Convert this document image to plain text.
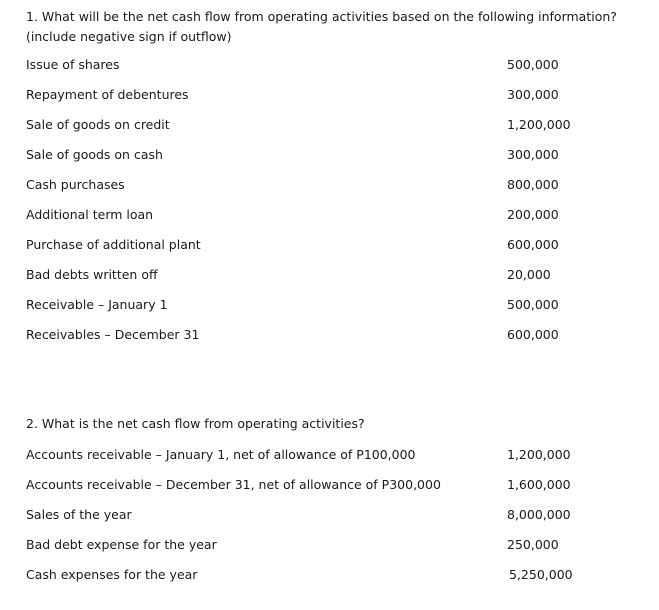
1. What will be the net cash flow from operating activities based on the following information? (include negative sign if outflow)
Issue of shares	500,000
Repayment of debentures	300,000
Sale of goods on credit	1,200,000
Sale of goods on cash	300,000
Cash purchases	800,000
Additional term loan	200,000
Purchase of additional plant	600,000
Bad debts written off	20,000
Receivable – January 1	500,000
Receivables – December 31	600,000
2. What is the net cash flow from operating activities?
Accounts receivable – January 1, net of allowance of P100,000	1,200,000
Accounts receivable – December 31, net of allowance of P300,000	1,600,000
Sales of the year	8,000,000
Bad debt expense for the year	250,000
Cash expenses for the year	5,250,000
